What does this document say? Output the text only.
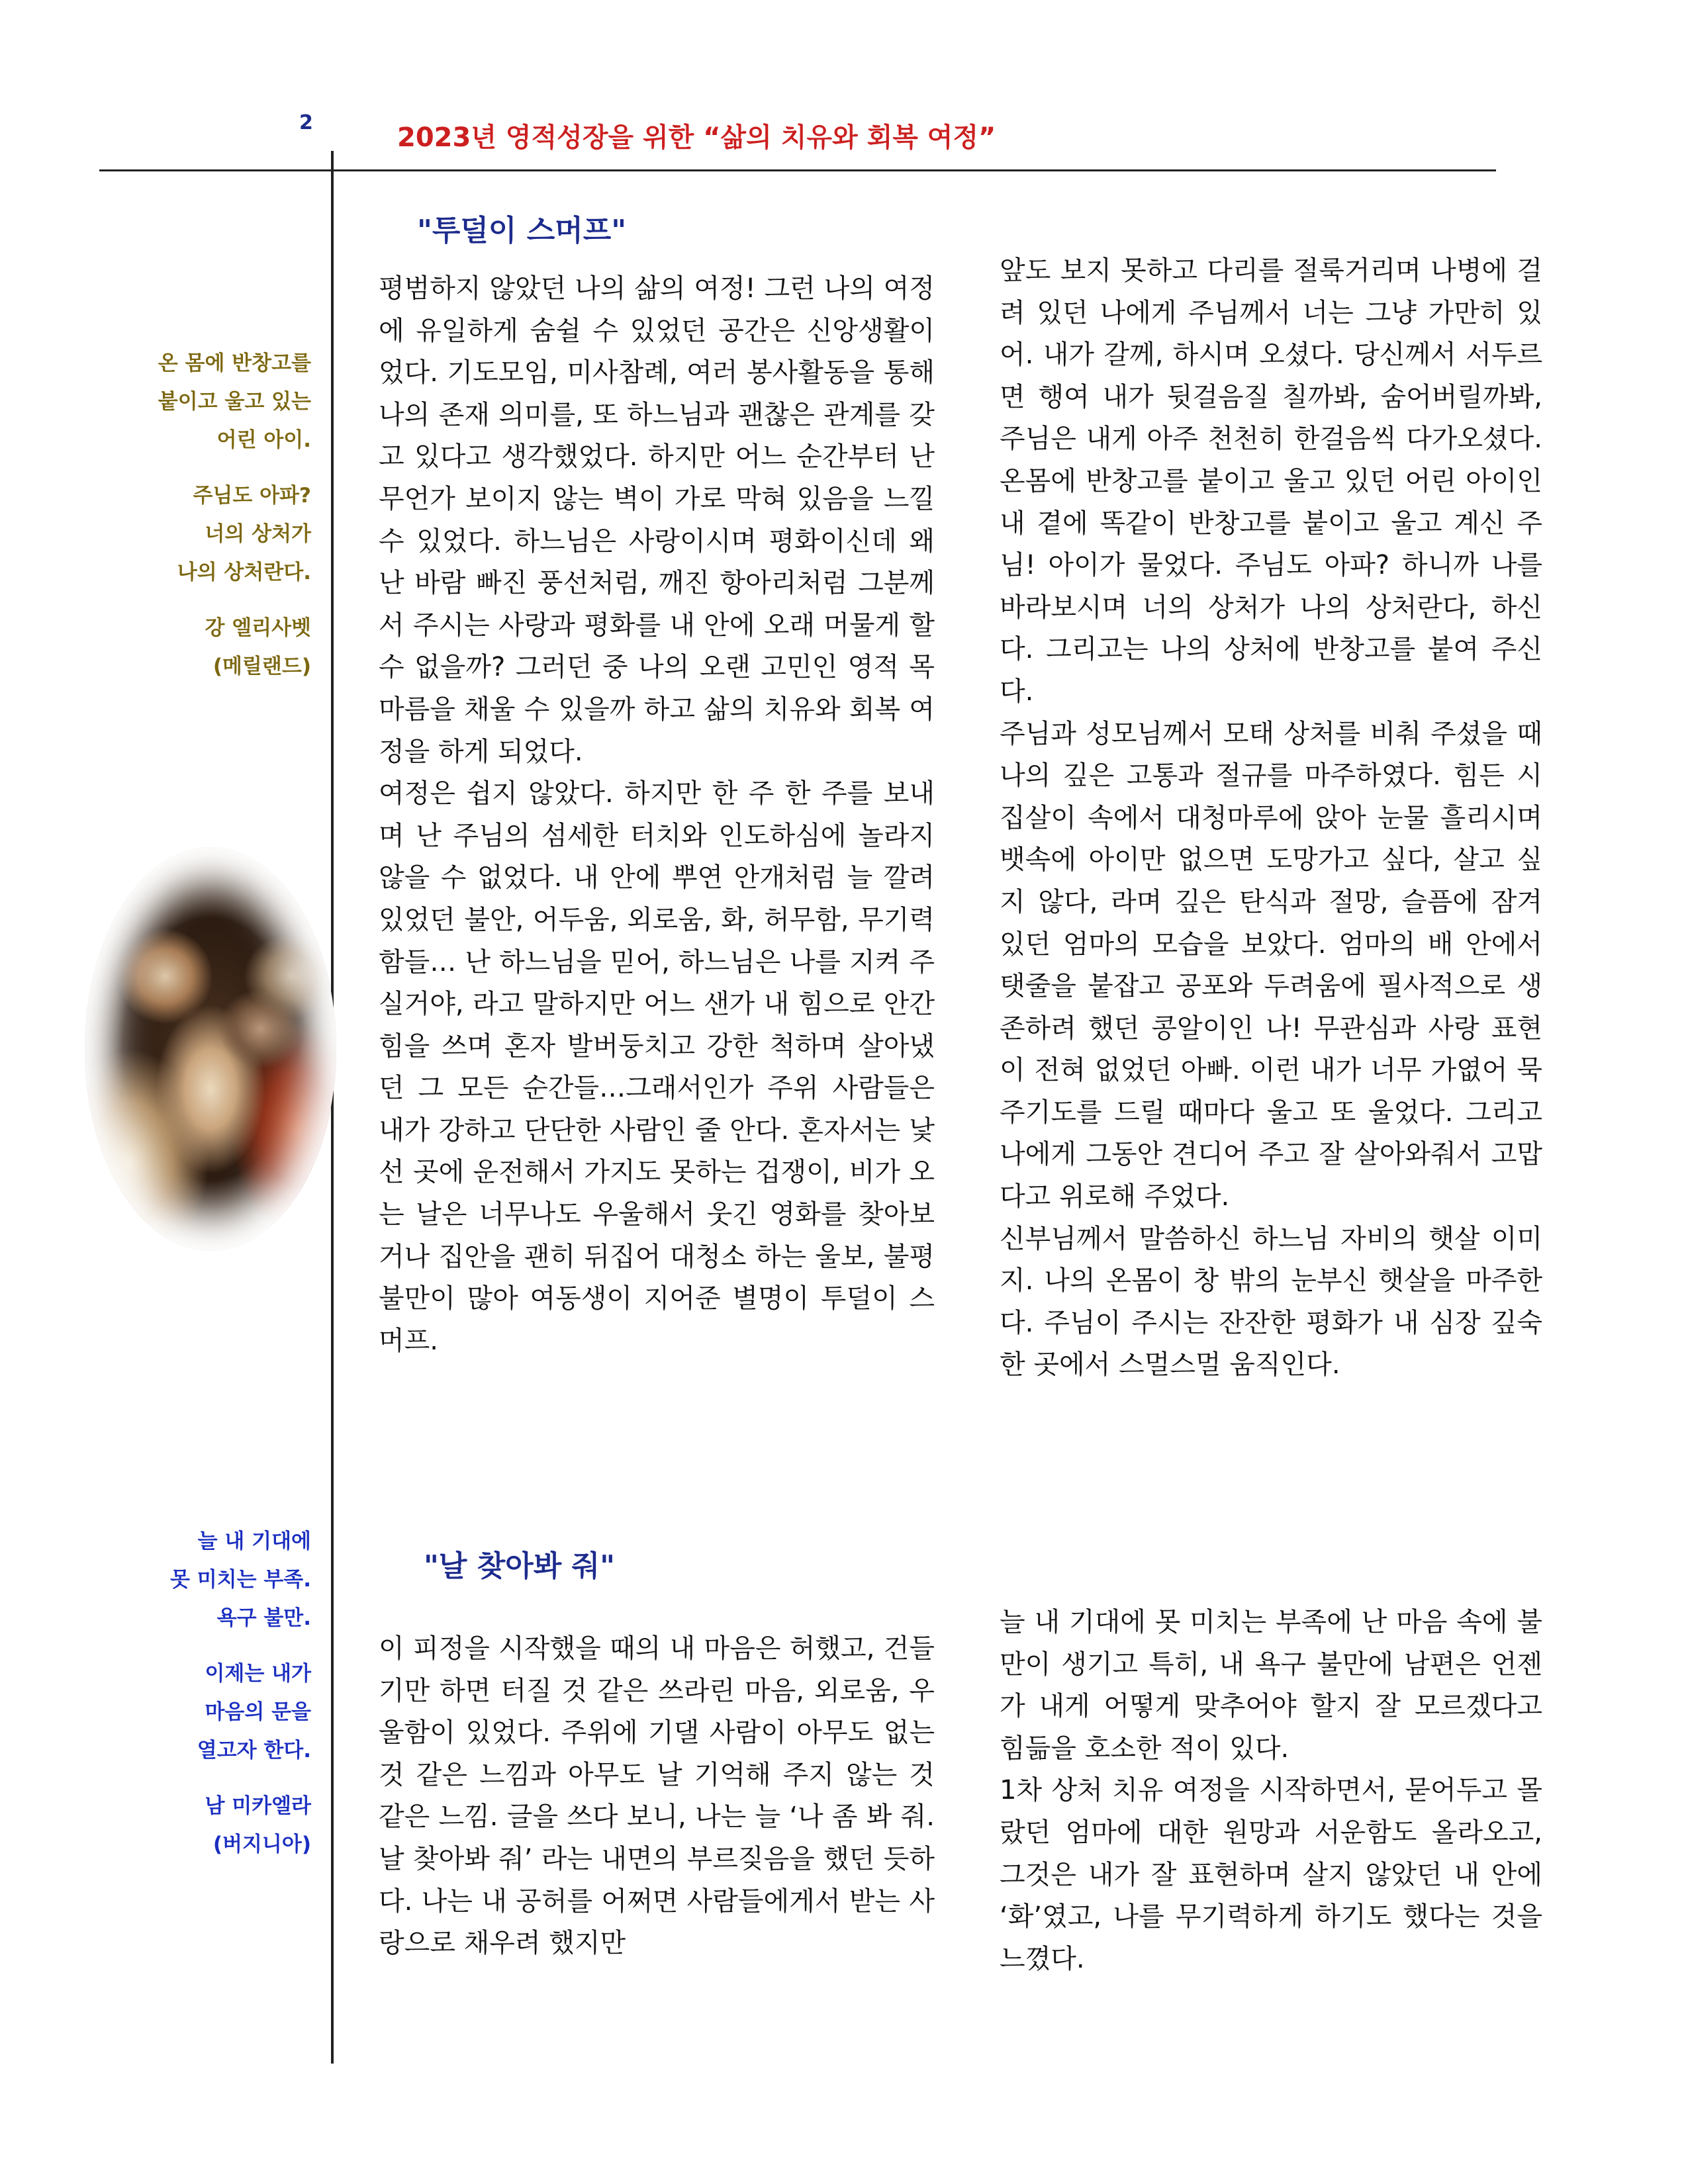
2	2023년 영적성장을 위한 “삶의 치유와 회복 여정”

온 몸에 반창고를
붙이고 울고 있는
어린 아이.

주님도 아파?
너의 상처가
나의 상처란다.

강 엘리사벳
(메릴랜드)

늘 내 기대에
못 미치는 부족.
욕구 불만.

이제는 내가
마음의 문을
열고자 한다.

남 미카엘라
(버지니아)

"투덜이 스머프"

평범하지 않았던 나의 삶의 여정! 그런 나의 여정에 유일하게 숨쉴 수 있었던 공간은 신앙생활이었다. 기도모임, 미사참례, 여러 봉사활동을 통해 나의 존재 의미를, 또 하느님과 괜찮은 관계를 갖고 있다고 생각했었다. 하지만 어느 순간부터 난 무언가 보이지 않는 벽이 가로 막혀 있음을 느낄 수 있었다. 하느님은 사랑이시며 평화이신데 왜 난 바람 빠진 풍선처럼, 깨진 항아리처럼 그분께서 주시는 사랑과 평화를 내 안에 오래 머물게 할 수 없을까? 그러던 중 나의 오랜 고민인 영적 목마름을 채울 수 있을까 하고 삶의 치유와 회복 여정을 하게 되었다.

여정은 쉽지 않았다. 하지만 한 주 한 주를 보내며 난 주님의 섬세한 터치와 인도하심에 놀라지 않을 수 없었다. 내 안에 뿌연 안개처럼 늘 깔려 있었던 불안, 어두움, 외로움, 화, 허무함, 무기력함들… 난 하느님을 믿어, 하느님은 나를 지켜 주실거야, 라고 말하지만 어느 샌가 내 힘으로 안간힘을 쓰며 혼자 발버둥치고 강한 척하며 살아냈던 그 모든 순간들…그래서인가 주위 사람들은 내가 강하고 단단한 사람인 줄 안다. 혼자서는 낯선 곳에 운전해서 가지도 못하는 겁쟁이, 비가 오는 날은 너무나도 우울해서 웃긴 영화를 찾아보거나 집안을 괜히 뒤집어 대청소 하는 울보, 불평 불만이 많아 여동생이 지어준 별명이 투덜이 스머프.

앞도 보지 못하고 다리를 절룩거리며 나병에 걸려 있던 나에게 주님께서 너는 그냥 가만히 있어. 내가 갈께, 하시며 오셨다. 당신께서 서두르면 행여 내가 뒷걸음질 칠까봐, 숨어버릴까봐, 주님은 내게 아주 천천히 한걸음씩 다가오셨다. 온몸에 반창고를 붙이고 울고 있던 어린 아이인 내 곁에 똑같이 반창고를 붙이고 울고 계신 주님! 아이가 물었다. 주님도 아파? 하니까 나를 바라보시며 너의 상처가 나의 상처란다, 하신다. 그리고는 나의 상처에 반창고를 붙여 주신다.

주님과 성모님께서 모태 상처를 비춰 주셨을 때 나의 깊은 고통과 절규를 마주하였다. 힘든 시집살이 속에서 대청마루에 앉아 눈물 흘리시며 뱃속에 아이만 없으면 도망가고 싶다, 살고 싶지 않다, 라며 깊은 탄식과 절망, 슬픔에 잠겨 있던 엄마의 모습을 보았다. 엄마의 배 안에서 탯줄을 붙잡고 공포와 두려움에 필사적으로 생존하려 했던 콩알이인 나! 무관심과 사랑 표현이 전혀 없었던 아빠. 이런 내가 너무 가엾어 묵주기도를 드릴 때마다 울고 또 울었다. 그리고 나에게 그동안 견디어 주고 잘 살아와줘서 고맙다고 위로해 주었다.

신부님께서 말씀하신 하느님 자비의 햇살 이미지. 나의 온몸이 창 밖의 눈부신 햇살을 마주한다. 주님이 주시는 잔잔한 평화가 내 심장 깊숙한 곳에서 스멀스멀 움직인다.

"날 찾아봐 줘"

이 피정을 시작했을 때의 내 마음은 허했고, 건들기만 하면 터질 것 같은 쓰라린 마음, 외로움, 우울함이 있었다. 주위에 기댈 사람이 아무도 없는 것 같은 느낌과 아무도 날 기억해 주지 않는 것 같은 느낌. 글을 쓰다 보니, 나는 늘 ‘나 좀 봐 줘. 날 찾아봐 줘’ 라는 내면의 부르짖음을 했던 듯하다. 나는 내 공허를 어쩌면 사람들에게서 받는 사랑으로 채우려 했지만

늘 내 기대에 못 미치는 부족에 난 마음 속에 불만이 생기고 특히, 내 욕구 불만에 남편은 언젠가 내게 어떻게 맞추어야 할지 잘 모르겠다고 힘듦을 호소한 적이 있다.

1차 상처 치유 여정을 시작하면서, 묻어두고 몰랐던 엄마에 대한 원망과 서운함도 올라오고, 그것은 내가 잘 표현하며 살지 않았던 내 안에 ‘화’였고, 나를 무기력하게 하기도 했다는 것을 느꼈다.
